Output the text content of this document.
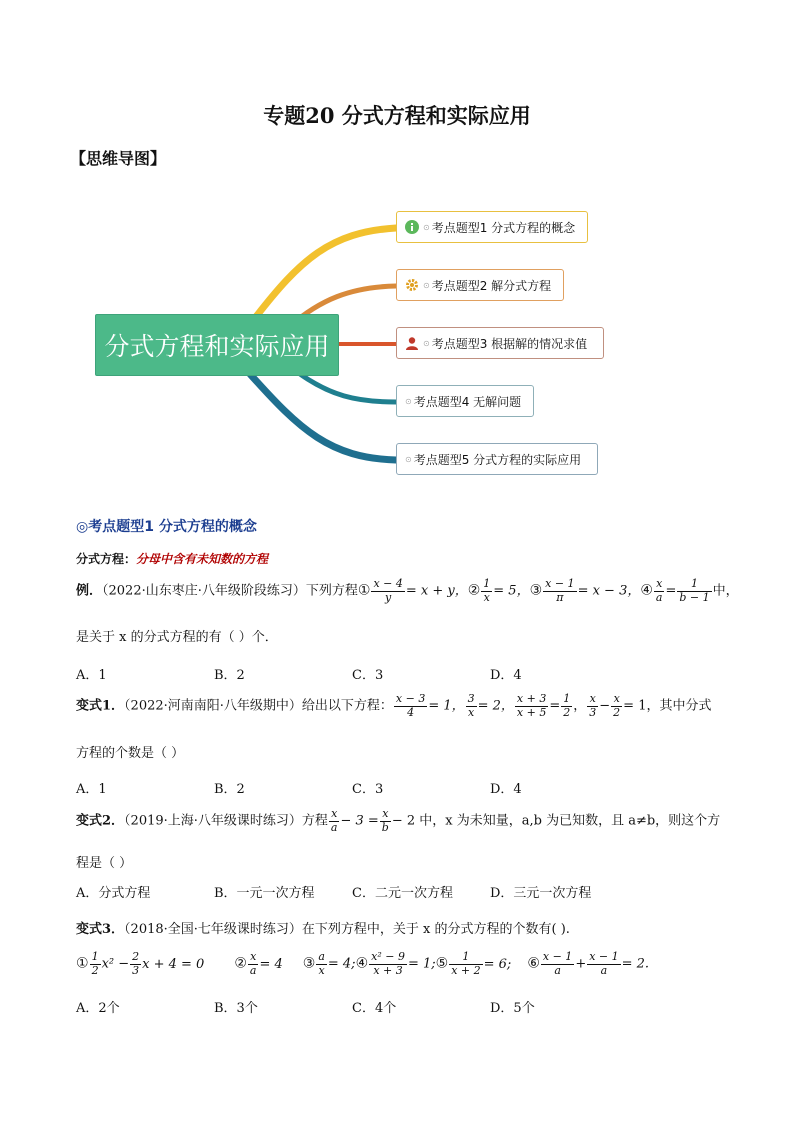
专题20 分式方程和实际应用
【思维导图】
分式方程和实际应用
⊙ 考点题型1 分式方程的概念
⊙ 考点题型2 解分式方程
⊙ 考点题型3 根据解的情况求值
⊙ 考点题型4 无解问题
⊙ 考点题型5 分式方程的实际应用
◎考点题型1 分式方程的概念
分式方程：分母中含有未知数的方程
例．（2022·山东枣庄·八年级阶段练习）下列方程① $\frac{x - 4}{y} = x + y$，② $\frac{1}{x} = 5$，③ $\frac{x - 1}{\pi} = x - 3$，④ $\frac{x}{a} = \frac{1}{b - 1}$ 中，
是关于 x 的分式方程的有（ ）个．
A．1	B．2	C．3	D．4
变式1．（2022·河南南阳·八年级期中）给出以下方程： $\frac{x - 3}{4} = 1$， $\frac{3}{x} = 2$， $\frac{x + 3}{x + 5} = \frac{1}{2}$ ， $\frac{x}{3} - \frac{x}{2} = 1$，其中分式
方程的个数是（ ）
A．1	B．2	C．3	D．4
变式2．（2019·上海·八年级课时练习）方程 $\frac{x}{a} - 3 = \frac{x}{b} - 2$ 中，x 为未知量，a,b 为已知数，且 a≠b，则这个方
程是（ ）
A．分式方程	B．一元一次方程	C．二元一次方程	D．三元一次方程
变式3．（2018·全国·七年级课时练习）在下列方程中，关于 x 的分式方程的个数有( ).
① $\frac{1}{2} x^2 - \frac{2}{3}$ x + 4 = 0 ② $\frac{x}{a} = 4$ ③ $\frac{a}{x}$ = 4;④ $\frac{\text{x² − 9}}{x + 3}$ = 1;⑤ $\frac{1}{x + 2} = 6$; ⑥ $\frac{x - 1}{a} + \frac{x - 1}{a} = 2$.
A．2个	B．3个	C．4个	D．5个
